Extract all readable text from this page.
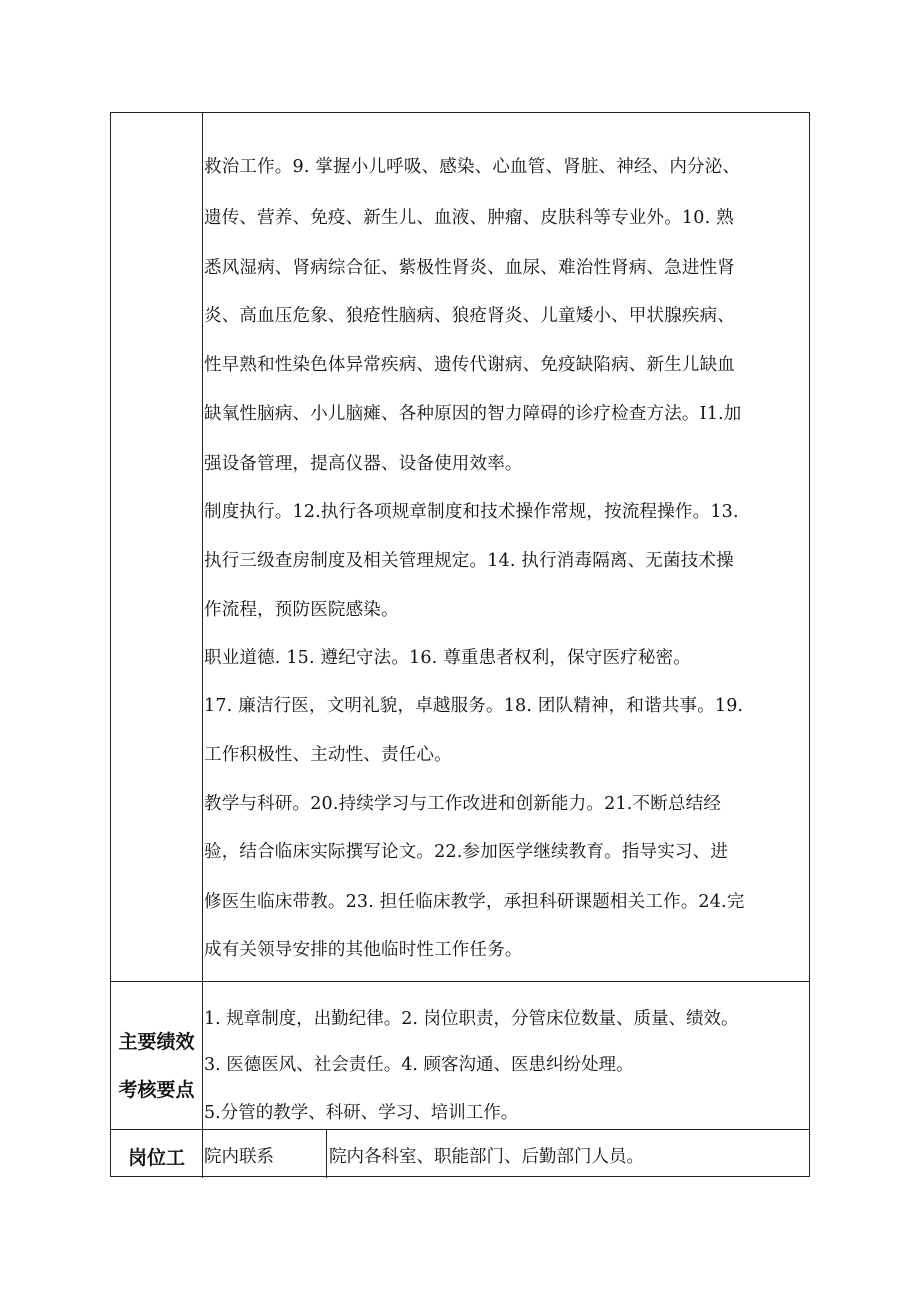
救治工作。9. 掌握小儿呼吸、感染、心血管、肾脏、神经、内分泌、
遗传、营养、免疫、新生儿、血液、肿瘤、皮肤科等专业外。10. 熟
悉风湿病、肾病综合征、紫极性肾炎、血尿、难治性肾病、急进性肾
炎、高血压危象、狼疮性脑病、狼疮肾炎、儿童矮小、甲状腺疾病、
性早熟和性染色体异常疾病、遗传代谢病、免疫缺陷病、新生儿缺血
缺氧性脑病、小儿脑瘫、各种原因的智力障碍的诊疗检查方法。I1.加
强设备管理，提高仪器、设备使用效率。
制度执行。12.执行各项规章制度和技术操作常规，按流程操作。13.
执行三级查房制度及相关管理规定。14. 执行消毒隔离、无菌技术操
作流程，预防医院感染。
职业道德. 15. 遵纪守法。16. 尊重患者权利，保守医疗秘密。
17. 廉洁行医，文明礼貌，卓越服务。18. 团队精神，和谐共事。19.
工作积极性、主动性、责任心。
教学与科研。20.持续学习与工作改进和创新能力。21.不断总结经
验，结合临床实际撰写论文。22.参加医学继续教育。指导实习、进
修医生临床带教。23. 担任临床教学，承担科研课题相关工作。24.完
成有关领导安排的其他临时性工作任务。
主要绩效
考核要点
1. 规章制度，出勤纪律。2. 岗位职责，分管床位数量、质量、绩效。
3. 医德医风、社会责任。4. 顾客沟通、医患纠纷处理。
5.分管的教学、科研、学习、培训工作。
岗位工	院内联系	院内各科室、职能部门、后勤部门人员。
